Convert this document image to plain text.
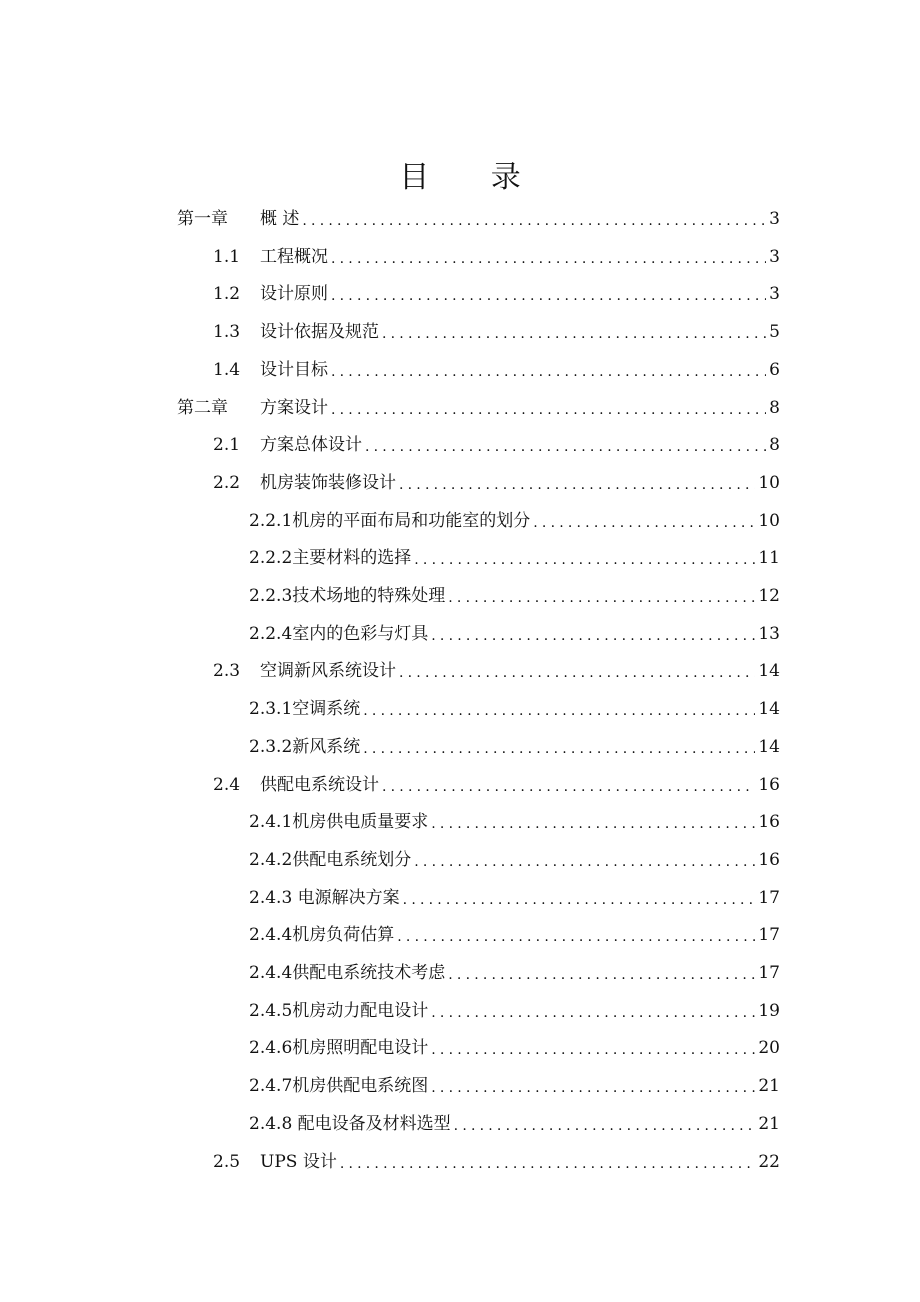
目 录
第一章	概 述 .....	3
1.1	工程概况 .....	3
1.2	设计原则 .....	3
1.3	设计依据及规范 .....	5
1.4	设计目标 .....	6
第二章	方案设计 .....	8
2.1	方案总体设计 .....	8
2.2	机房装饰装修设计 .....	10
2.2.1 机房的平面布局和功能室的划分 .....	10
2.2.2 主要材料的选择 .....	11
2.2.3 技术场地的特殊处理 .....	12
2.2.4 室内的色彩与灯具 .....	13
2.3	空调新风系统设计 .....	14
2.3.1 空调系统 .....	14
2.3.2 新风系统 .....	14
2.4	供配电系统设计 .....	16
2.4.1 机房供电质量要求 .....	16
2.4.2 供配电系统划分 .....	16
2.4.3 电源解决方案 .....	17
2.4.4 机房负荷估算 .....	17
2.4.4 供配电系统技术考虑 .....	17
2.4.5 机房动力配电设计 .....	19
2.4.6 机房照明配电设计 .....	20
2.4.7 机房供配电系统图 .....	21
2.4.8 配电设备及材料选型 .....	21
2.5	UPS 设计 .....	22
